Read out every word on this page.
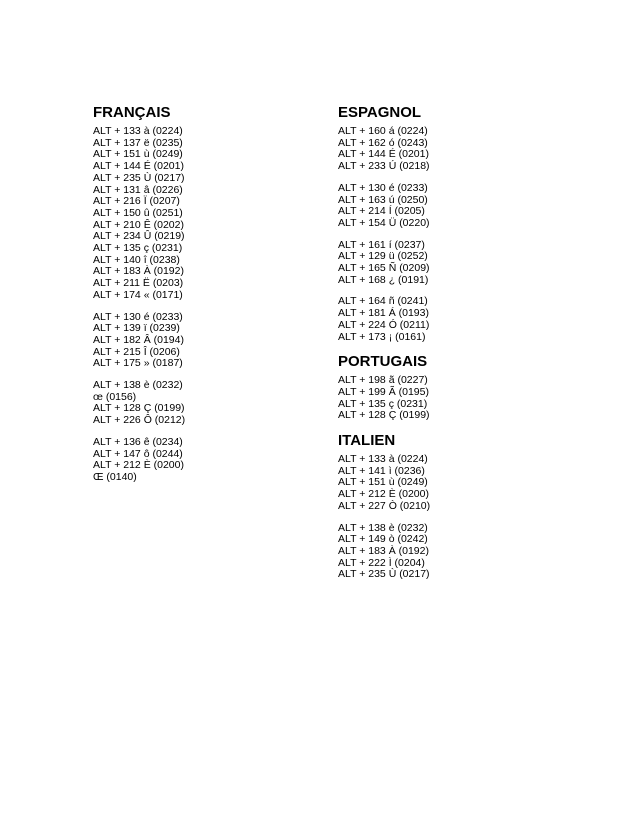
FRANÇAIS
ALT + 133 à (0224)
ALT + 137 ë (0235)
ALT + 151 ù (0249)
ALT + 144 É (0201)
ALT + 235 Ù (0217)
ALT + 131 â (0226)
ALT + 216 Ï (0207)
ALT + 150 û (0251)
ALT + 210 Ê (0202)
ALT + 234 Û (0219)
ALT + 135 ç (0231)
ALT + 140 î (0238)
ALT + 183 À (0192)
ALT + 211 Ë (0203)
ALT + 174 « (0171)
ALT + 130 é (0233)
ALT + 139 ï (0239)
ALT + 182 Â (0194)
ALT + 215 Î (0206)
ALT + 175 » (0187)
ALT + 138 è (0232)
œ (0156)
ALT + 128 Ç (0199)
ALT + 226 Ô (0212)
ALT + 136 ê (0234)
ALT + 147 ô (0244)
ALT + 212 È (0200)
Œ (0140)
ESPAGNOL
ALT + 160 á (0224)
ALT + 162 ó (0243)
ALT + 144 É (0201)
ALT + 233 Ú (0218)
ALT + 130 é (0233)
ALT + 163 ú (0250)
ALT + 214 Í (0205)
ALT + 154 Ü (0220)
ALT + 161 í (0237)
ALT + 129 ü (0252)
ALT + 165 Ñ (0209)
ALT + 168 ¿ (0191)
ALT + 164 ñ (0241)
ALT + 181 Á (0193)
ALT + 224 Ó (0211)
ALT + 173 ¡ (0161)
PORTUGAIS
ALT + 198 ã (0227)
ALT + 199 Ã (0195)
ALT + 135 ç (0231)
ALT + 128 Ç (0199)
ITALIEN
ALT + 133 à (0224)
ALT + 141 ì (0236)
ALT + 151 ù (0249)
ALT + 212 È (0200)
ALT + 227 Ò (0210)
ALT + 138 è (0232)
ALT + 149 ò (0242)
ALT + 183 À (0192)
ALT + 222 Ì (0204)
ALT + 235 Ù (0217)
